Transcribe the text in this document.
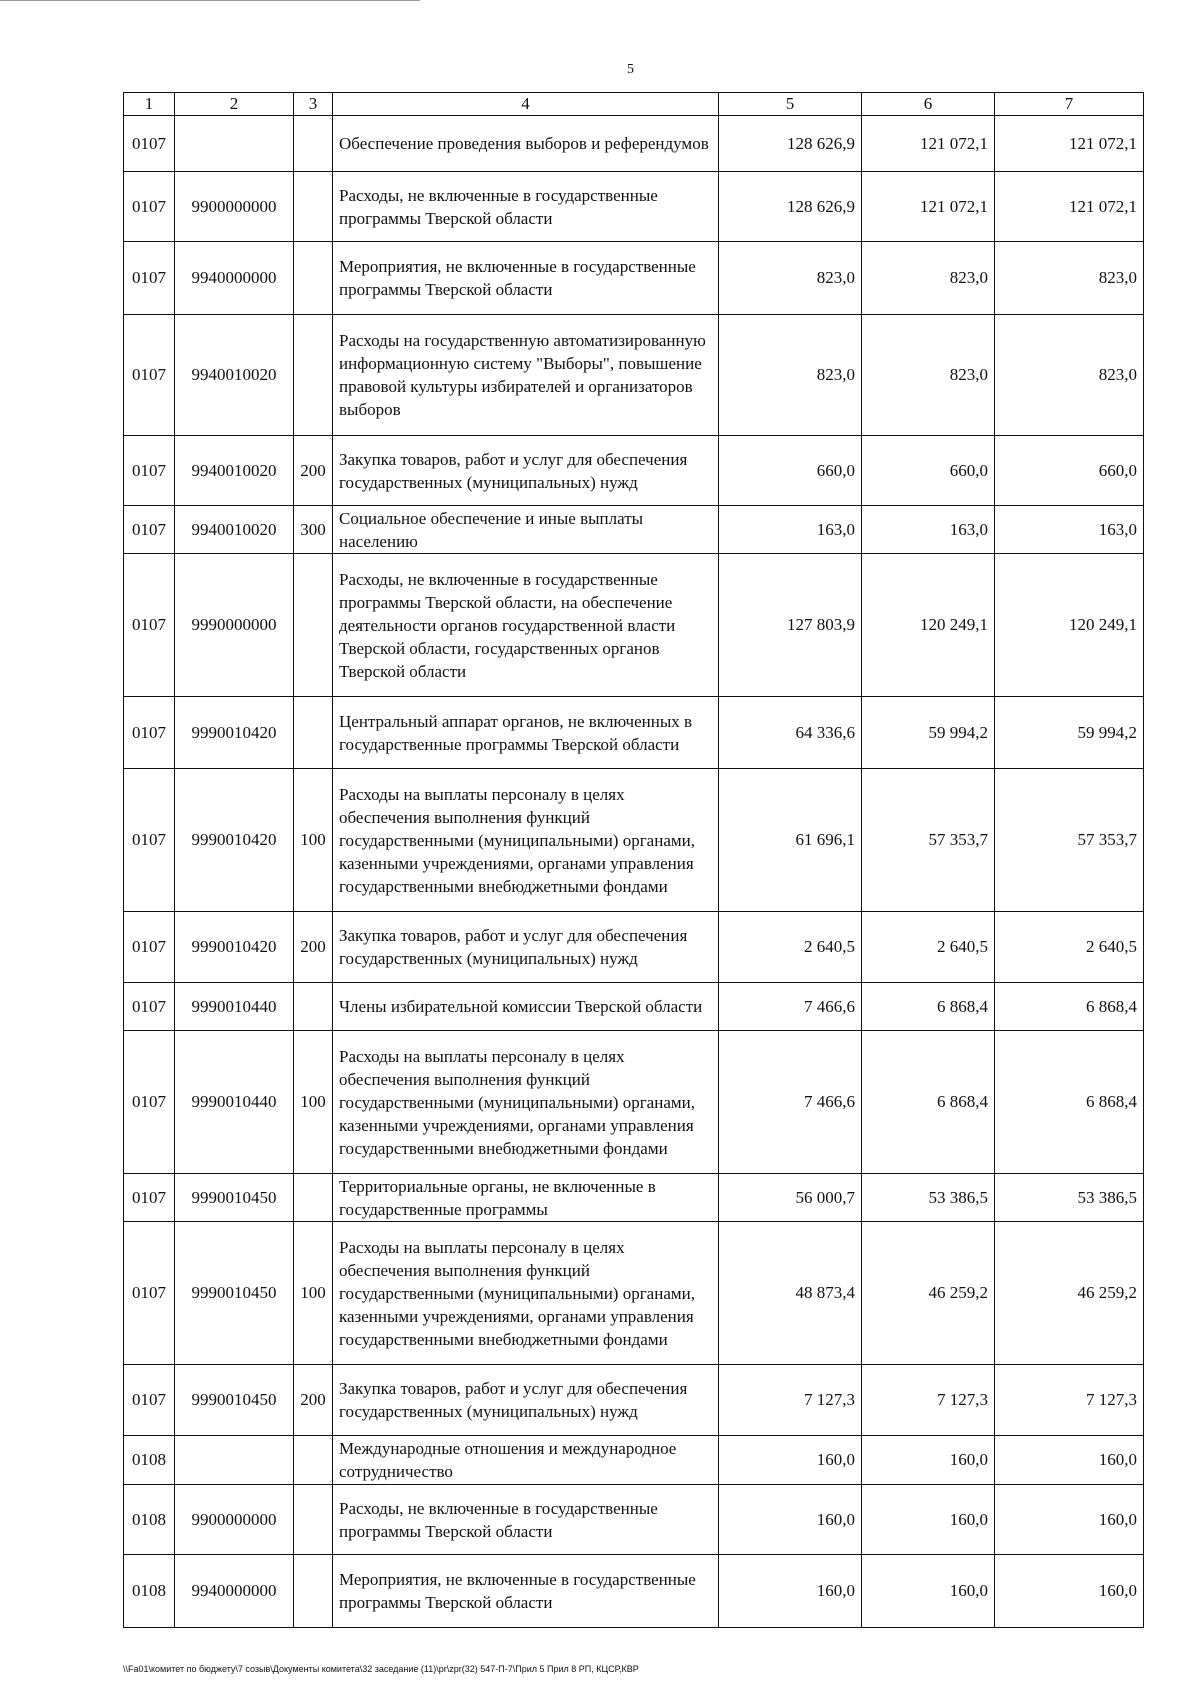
5
1	2	3	4	5	6	7
0107			Обеспечение проведения выборов и референдумов	128 626,9	121 072,1	121 072,1
0107	9900000000		Расходы, не включенные в государственные программы Тверской области	128 626,9	121 072,1	121 072,1
0107	9940000000		Мероприятия, не включенные в государственные программы Тверской области	823,0	823,0	823,0
0107	9940010020		Расходы на государственную автоматизированную информационную систему "Выборы", повышение правовой культуры избирателей и организаторов выборов	823,0	823,0	823,0
0107	9940010020	200	Закупка товаров, работ и услуг для обеспечения государственных (муниципальных) нужд	660,0	660,0	660,0
0107	9940010020	300	Социальное обеспечение и иные выплаты населению	163,0	163,0	163,0
0107	9990000000		Расходы, не включенные в государственные программы Тверской области, на обеспечение деятельности органов государственной власти Тверской области, государственных органов Тверской области	127 803,9	120 249,1	120 249,1
0107	9990010420		Центральный аппарат органов, не включенных в государственные программы Тверской области	64 336,6	59 994,2	59 994,2
0107	9990010420	100	Расходы на выплаты персоналу в целях обеспечения выполнения функций государственными (муниципальными) органами, казенными учреждениями, органами управления государственными внебюджетными фондами	61 696,1	57 353,7	57 353,7
0107	9990010420	200	Закупка товаров, работ и услуг для обеспечения государственных (муниципальных) нужд	2 640,5	2 640,5	2 640,5
0107	9990010440		Члены избирательной комиссии Тверской области	7 466,6	6 868,4	6 868,4
0107	9990010440	100	Расходы на выплаты персоналу в целях обеспечения выполнения функций государственными (муниципальными) органами, казенными учреждениями, органами управления государственными внебюджетными фондами	7 466,6	6 868,4	6 868,4
0107	9990010450		Территориальные органы, не включенные в государственные программы	56 000,7	53 386,5	53 386,5
0107	9990010450	100	Расходы на выплаты персоналу в целях обеспечения выполнения функций государственными (муниципальными) органами, казенными учреждениями, органами управления государственными внебюджетными фондами	48 873,4	46 259,2	46 259,2
0107	9990010450	200	Закупка товаров, работ и услуг для обеспечения государственных (муниципальных) нужд	7 127,3	7 127,3	7 127,3
0108			Международные отношения и международное сотрудничество	160,0	160,0	160,0
0108	9900000000		Расходы, не включенные в государственные программы Тверской области	160,0	160,0	160,0
0108	9940000000		Мероприятия, не включенные в государственные программы Тверской области	160,0	160,0	160,0
\\Fa01\комитет по бюджету\7 созыв\Документы комитета\32 заседание (11)\pr\zpr(32) 547-П-7\Прил 5 Прил 8 РП, КЦСР,КВР
